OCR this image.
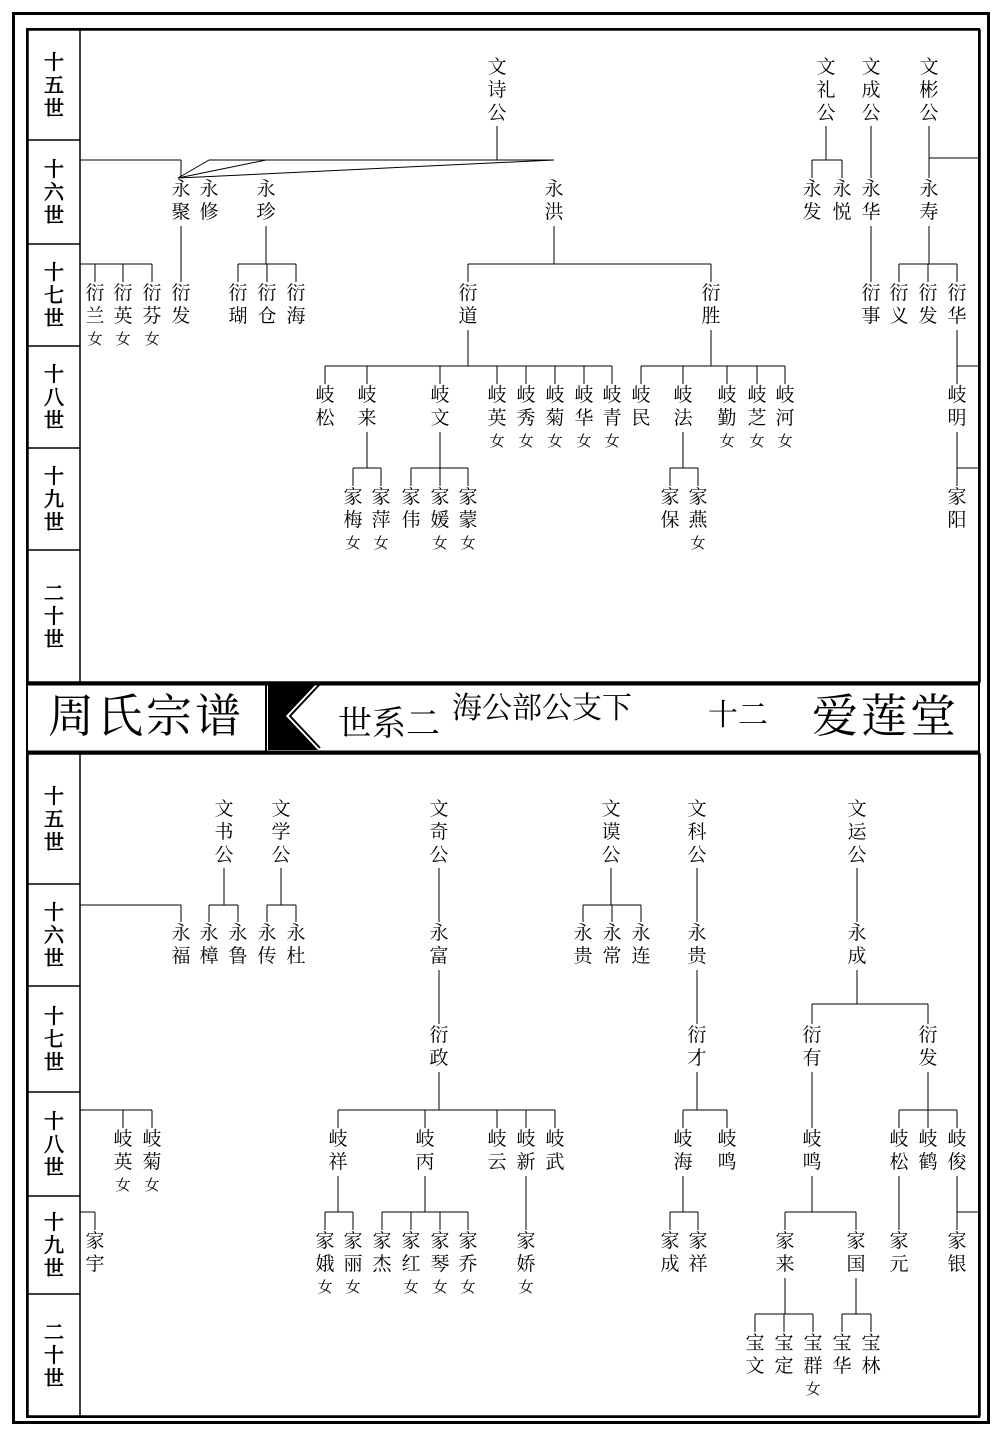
周氏宗谱	世系二 海公部公支下	十二 爱莲堂
十
五
世
十
六
世
十
七
世
十
八
世
十
九
世
二
十
世
十
五
世
十
六
世
十
七
世
十
八
世
十
九
世
二
十
世
文
诗
公
文
礼
公
文
成
公
文
彬
公
永
聚
永
修
永
珍
永
洪
永
发
永
悦
永
华
永
寿
衍
兰
女
衍
英
女
衍
芬
女
衍
发
衍
瑚
衍
仓
衍
海
衍
道
衍
胜
衍
事
衍
义
衍
发
衍
华
岐
松
岐
来
岐
文
岐
英
女
岐
秀
女
岐
菊
女
岐
华
女
岐
青
女
岐
民
岐
法
岐
勤
女
岐
芝
女
岐
河
女
岐
明
家
梅
女
家
萍
女
家
伟
家
媛
女
家
蒙
女
家
保
家
燕
女
家
阳
文
书
公
文
学
公
文
奇
公
文
谟
公
文
科
公
文
运
公
永
福
永
樟
永
鲁
永
传
永
杜
永
富
永
贵
永
常
永
连
永
贵
永
成
衍
政
衍
才
衍
有
衍
发
岐
英
女
岐
菊
女
岐
祥
岐
丙
岐
云
岐
新
岐
武
岐
海
岐
鸣
岐
鸣
岐
松
岐
鹤
岐
俊
家
宇
家
娥
女
家
丽
女
家
杰
家
红
女
家
琴
女
家
乔
女
家
娇
女
家
成
家
祥
家
来
家
国
家
元
家
银
宝
文
宝
定
宝
群
女
宝
华
宝
林
